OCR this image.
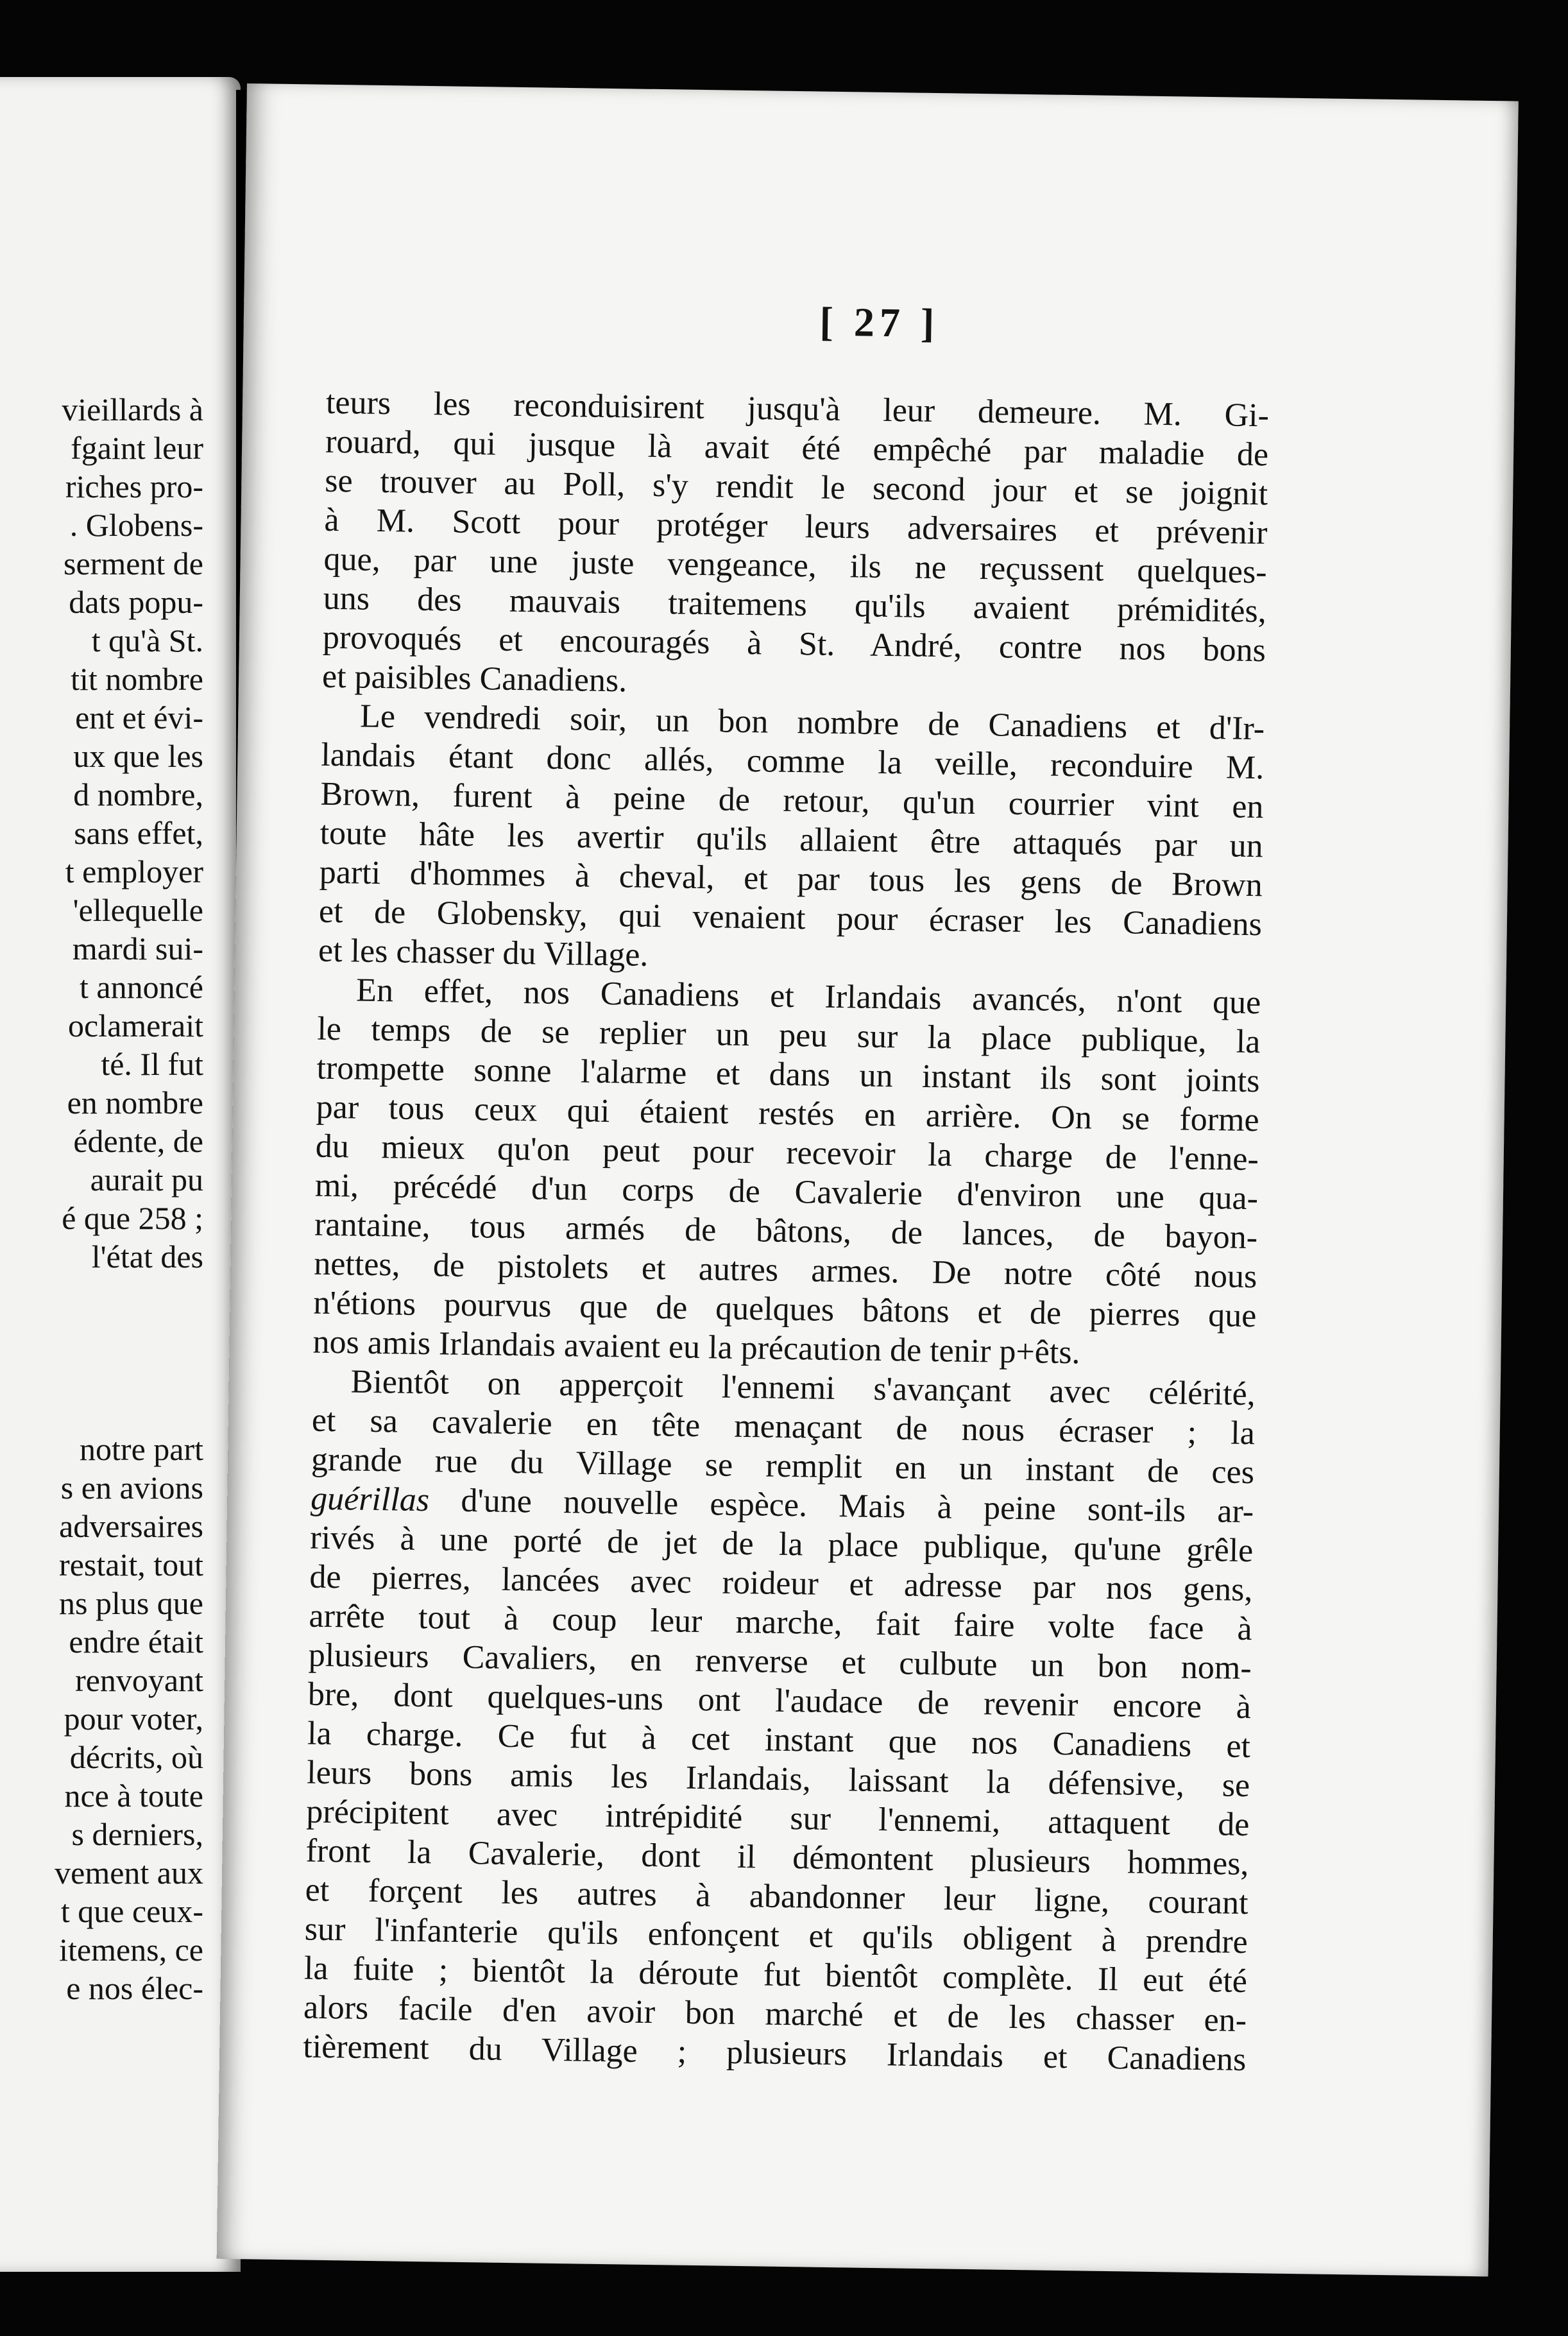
vieillards à
fgaint leur
riches pro-
. Globens-
serment de
dats popu-
t qu'à St.
tit nombre
ent et évi-
ux que les
d nombre,
sans effet,
t employer
'ellequelle
mardi sui-
t annoncé
oclamerait
té. Il fut
en nombre
édente, de
aurait pu
é que 258 ;
l'état des
notre part
s en avions
adversaires
restait, tout
ns plus que
endre était
renvoyant
pour voter,
décrits, où
nce à toute
s derniers,
vement aux
t que ceux-
itemens, ce
e nos élec-
[ 27 ]
teurs les reconduisirent jusqu'à leur demeure. M. Gi-
rouard, qui jusque là avait été empêché par maladie de
se trouver au Poll, s'y rendit le second jour et se joignit
à M. Scott pour protéger leurs adversaires et prévenir
que, par une juste vengeance, ils ne reçussent quelques-
uns des mauvais traitemens qu'ils avaient prémidités,
provoqués et encouragés à St. André, contre nos bons
et paisibles Canadiens.
Le vendredi soir, un bon nombre de Canadiens et d'Ir-
landais étant donc allés, comme la veille, reconduire M.
Brown, furent à peine de retour, qu'un courrier vint en
toute hâte les avertir qu'ils allaient être attaqués par un
parti d'hommes à cheval, et par tous les gens de Brown
et de Globensky, qui venaient pour écraser les Canadiens
et les chasser du Village.
En effet, nos Canadiens et Irlandais avancés, n'ont que
le temps de se replier un peu sur la place publique, la
trompette sonne l'alarme et dans un instant ils sont joints
par tous ceux qui étaient restés en arrière. On se forme
du mieux qu'on peut pour recevoir la charge de l'enne-
mi, précédé d'un corps de Cavalerie d'environ une qua-
rantaine, tous armés de bâtons, de lances, de bayon-
nettes, de pistolets et autres armes. De notre côté nous
n'étions pourvus que de quelques bâtons et de pierres que
nos amis Irlandais avaient eu la précaution de tenir p+êts.
Bientôt on apperçoit l'ennemi s'avançant avec célérité,
et sa cavalerie en tête menaçant de nous écraser ; la
grande rue du Village se remplit en un instant de ces
guérillas d'une nouvelle espèce. Mais à peine sont-ils ar-
rivés à une porté de jet de la place publique, qu'une grêle
de pierres, lancées avec roideur et adresse par nos gens,
arrête tout à coup leur marche, fait faire volte face à
plusieurs Cavaliers, en renverse et culbute un bon nom-
bre, dont quelques-uns ont l'audace de revenir encore à
la charge. Ce fut à cet instant que nos Canadiens et
leurs bons amis les Irlandais, laissant la défensive, se
précipitent avec intrépidité sur l'ennemi, attaquent de
front la Cavalerie, dont il démontent plusieurs hommes,
et forçent les autres à abandonner leur ligne, courant
sur l'infanterie qu'ils enfonçent et qu'ils obligent à prendre
la fuite ; bientôt la déroute fut bientôt complète. Il eut été
alors facile d'en avoir bon marché et de les chasser en-
tièrement du Village ; plusieurs Irlandais et Canadiens
